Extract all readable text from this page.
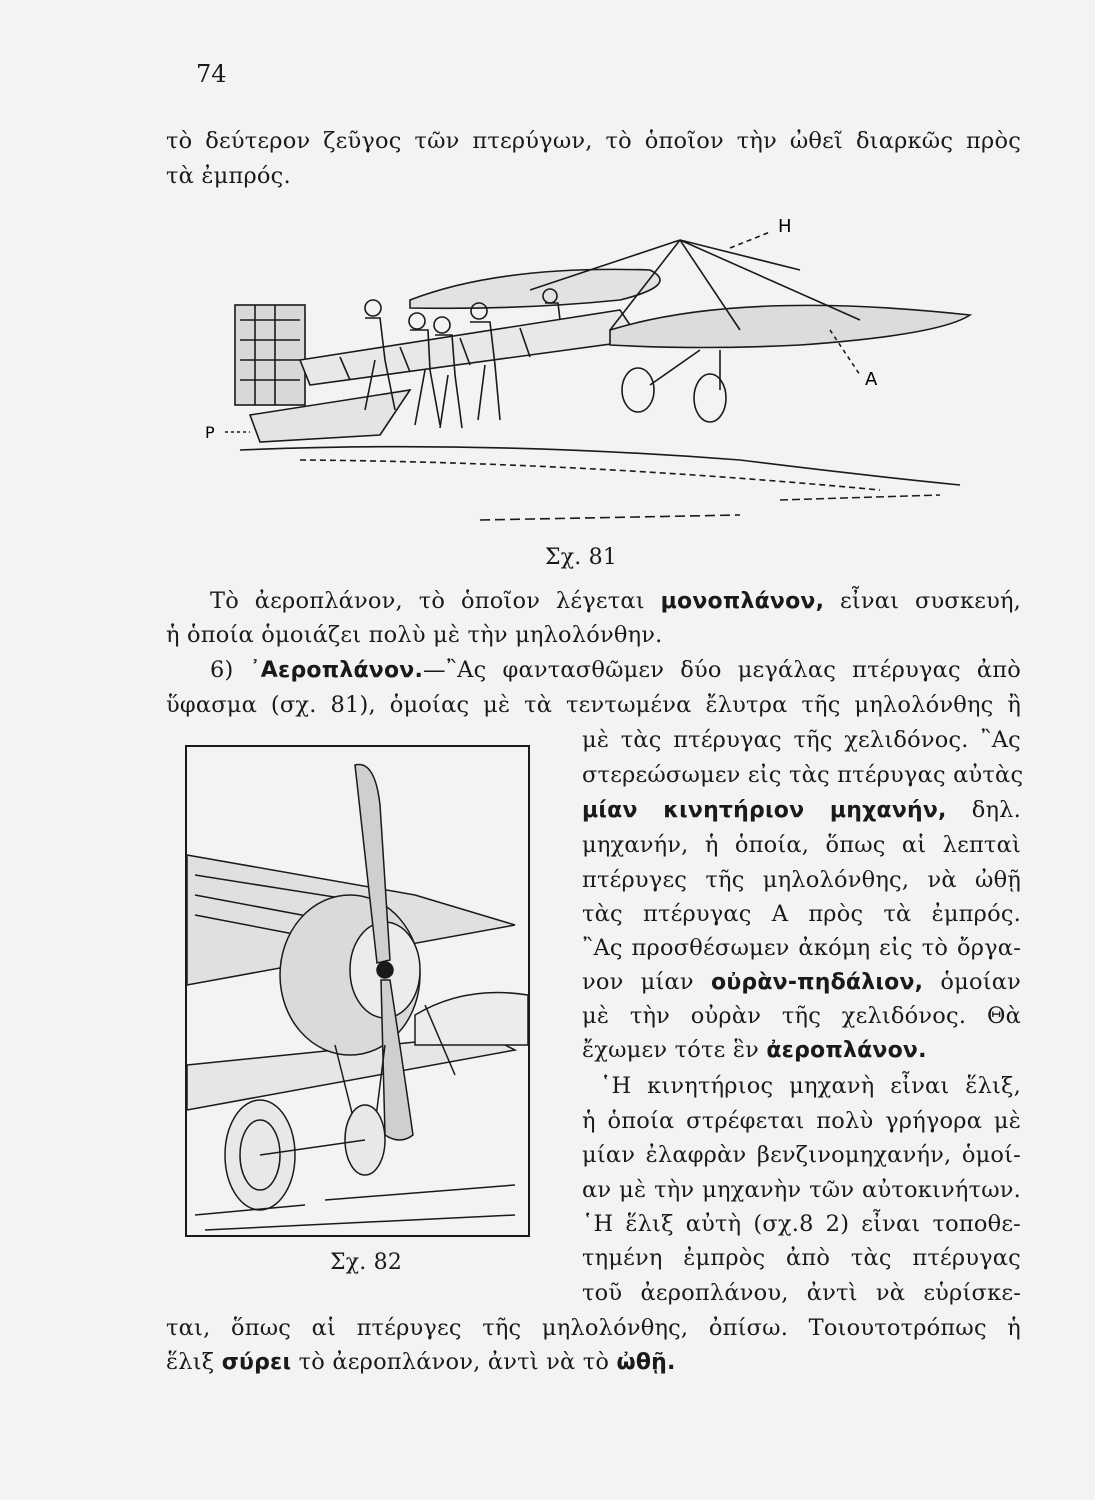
74
τὸ δεύτερον ζεῦγος τῶν πτερύγων, τὸ ὁποῖον τὴν ὠθεῖ διαρκῶς πρὸς
τὰ ἐμπρός.
Η
Α
P
Σχ. 81
Τὸ ἀεροπλάνον, τὸ ὁποῖον λέγεται μονοπλάνον, εἶναι συσκευή,
ἡ ὁποία ὁμοιάζει πολὺ μὲ τὴν μηλολόνθην.
6) ᾿Αεροπλάνον.—῍Ας φαντασθῶμεν δύο μεγάλας πτέρυγας ἀπὸ
ὕφασμα (σχ. 81), ὁμοίας μὲ τὰ τεντωμένα ἔλυτρα τῆς μηλολόνθης ἢ
Σχ. 82
μὲ τὰς πτέρυγας τῆς χελιδόνος. ῍Ας
στερεώσωμεν εἰς τὰς πτέρυγας αὐτὰς
μίαν κινητήριον μηχανήν, δηλ.
μηχανήν, ἡ ὁποία, ὅπως αἱ λεπταὶ
πτέρυγες τῆς μηλολόνθης, νὰ ὠθῇ
τὰς πτέρυγας Α πρὸς τὰ ἐμπρός.
῍Ας προσθέσωμεν ἀκόμη εἰς τὸ ὄργα-
νον μίαν οὐρὰν-πηδάλιον, ὁμοίαν
μὲ τὴν οὐρὰν τῆς χελιδόνος. Θὰ
ἔχωμεν τότε ἓν ἀεροπλάνον.
῾Η κινητήριος μηχανὴ εἶναι ἕλιξ,
ἡ ὁποία στρέφεται πολὺ γρήγορα μὲ
μίαν ἐλαφρὰν βενζινομηχανήν, ὁμοί-
αν μὲ τὴν μηχανὴν τῶν αὐτοκινήτων.
῾Η ἕλιξ αὐτὴ (σχ.8 2) εἶναι τοποθε-
τημένη ἐμπρὸς ἀπὸ τὰς πτέρυγας
τοῦ ἀεροπλάνου, ἀντὶ νὰ εὑρίσκε-
ται, ὅπως αἱ πτέρυγες τῆς μηλολόνθης, ὀπίσω. Τοιουτοτρόπως ἡ
ἕλιξ σύρει τὸ ἀεροπλάνον, ἀντὶ νὰ τὸ ὠθῇ.
